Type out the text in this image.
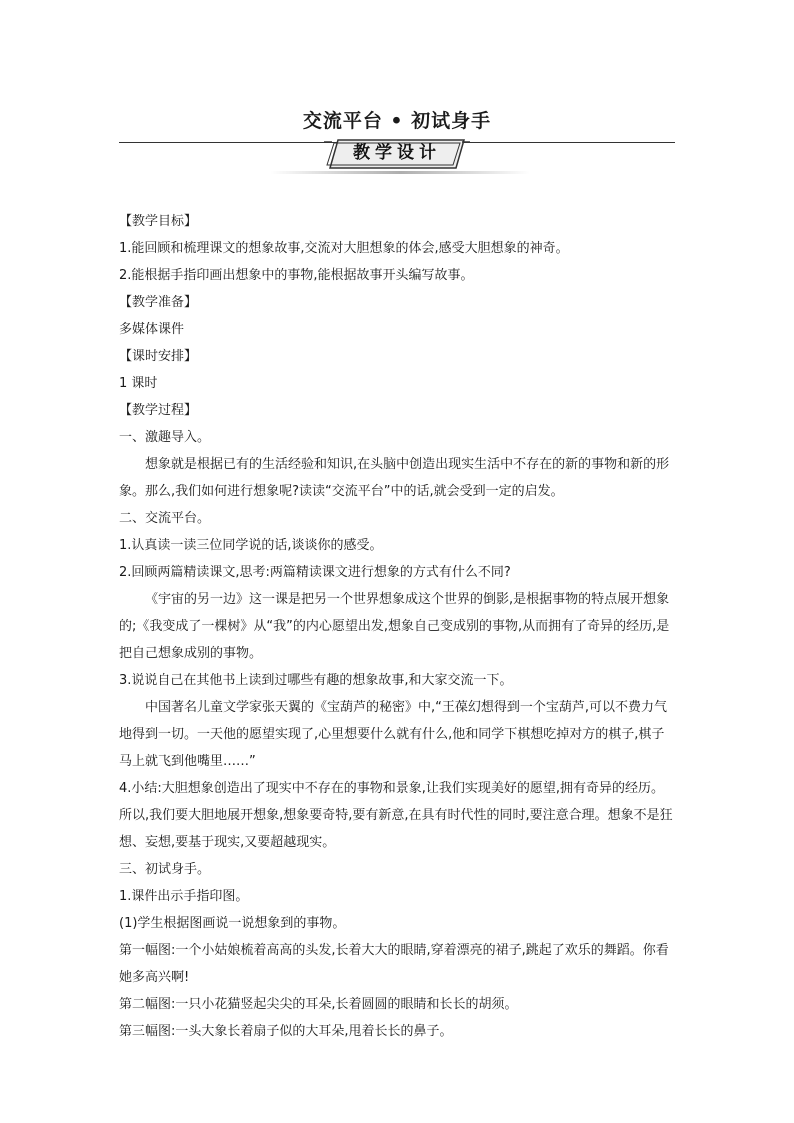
交流平台 • 初试身手
教学设计

【教学目标】

1.能回顾和梳理课文的想象故事,交流对大胆想象的体会,感受大胆想象的神奇。

2.能根据手指印画出想象中的事物,能根据故事开头编写故事。

【教学准备】

多媒体课件

【课时安排】

1 课时

【教学过程】

一、激趣导入。

想象就是根据已有的生活经验和知识,在头脑中创造出现实生活中不存在的新的事物和新的形象。那么,我们如何进行想象呢?读读“交流平台”中的话,就会受到一定的启发。

二、交流平台。

1.认真读一读三位同学说的话,谈谈你的感受。

2.回顾两篇精读课文,思考:两篇精读课文进行想象的方式有什么不同?

《宇宙的另一边》这一课是把另一个世界想象成这个世界的倒影,是根据事物的特点展开想象的;《我变成了一棵树》从“我”的内心愿望出发,想象自己变成别的事物,从而拥有了奇异的经历,是把自己想象成别的事物。

3.说说自己在其他书上读到过哪些有趣的想象故事,和大家交流一下。

中国著名儿童文学家张天翼的《宝葫芦的秘密》中,“王葆幻想得到一个宝葫芦,可以不费力气地得到一切。一天他的愿望实现了,心里想要什么就有什么,他和同学下棋想吃掉对方的棋子,棋子马上就飞到他嘴里……”

4.小结:大胆想象创造出了现实中不存在的事物和景象,让我们实现美好的愿望,拥有奇异的经历。所以,我们要大胆地展开想象,想象要奇特,要有新意,在具有时代性的同时,要注意合理。想象不是狂想、妄想,要基于现实,又要超越现实。

三、初试身手。

1.课件出示手指印图。

(1)学生根据图画说一说想象到的事物。

第一幅图:一个小姑娘梳着高高的头发,长着大大的眼睛,穿着漂亮的裙子,跳起了欢乐的舞蹈。你看她多高兴啊!

第二幅图:一只小花猫竖起尖尖的耳朵,长着圆圆的眼睛和长长的胡须。

第三幅图:一头大象长着扇子似的大耳朵,甩着长长的鼻子。
